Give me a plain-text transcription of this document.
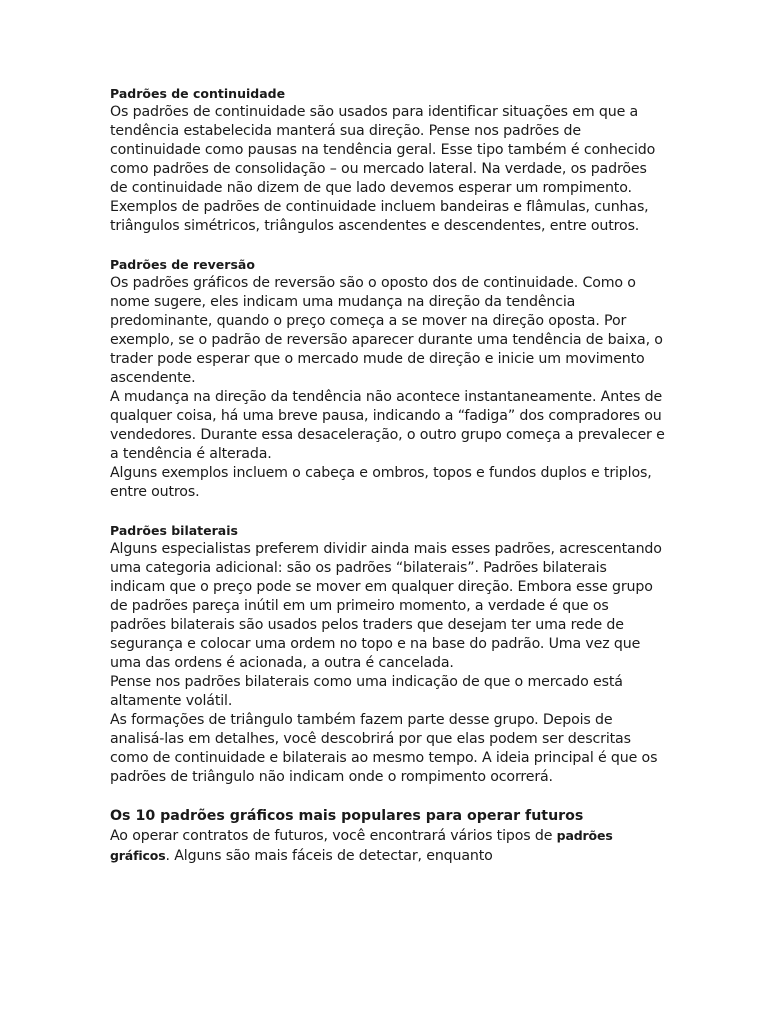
Padrões de continuidade

Os padrões de continuidade são usados para identificar situações em que a tendência estabelecida manterá sua direção. Pense nos padrões de continuidade como pausas na tendência geral. Esse tipo também é conhecido como padrões de consolidação – ou mercado lateral. Na verdade, os padrões de continuidade não dizem de que lado devemos esperar um rompimento.

Exemplos de padrões de continuidade incluem bandeiras e flâmulas, cunhas, triângulos simétricos, triângulos ascendentes e descendentes, entre outros.

Padrões de reversão

Os padrões gráficos de reversão são o oposto dos de continuidade. Como o nome sugere, eles indicam uma mudança na direção da tendência predominante, quando o preço começa a se mover na direção oposta. Por exemplo, se o padrão de reversão aparecer durante uma tendência de baixa, o trader pode esperar que o mercado mude de direção e inicie um movimento ascendente.

A mudança na direção da tendência não acontece instantaneamente. Antes de qualquer coisa, há uma breve pausa, indicando a “fadiga” dos compradores ou vendedores. Durante essa desaceleração, o outro grupo começa a prevalecer e a tendência é alterada.

Alguns exemplos incluem o cabeça e ombros, topos e fundos duplos e triplos, entre outros.

Padrões bilaterais

Alguns especialistas preferem dividir ainda mais esses padrões, acrescentando uma categoria adicional: são os padrões “bilaterais”. Padrões bilaterais indicam que o preço pode se mover em qualquer direção. Embora esse grupo de padrões pareça inútil em um primeiro momento, a verdade é que os padrões bilaterais são usados pelos traders que desejam ter uma rede de segurança e colocar uma ordem no topo e na base do padrão. Uma vez que uma das ordens é acionada, a outra é cancelada.

Pense nos padrões bilaterais como uma indicação de que o mercado está altamente volátil.

As formações de triângulo também fazem parte desse grupo. Depois de analisá-las em detalhes, você descobrirá por que elas podem ser descritas como de continuidade e bilaterais ao mesmo tempo. A ideia principal é que os padrões de triângulo não indicam onde o rompimento ocorrerá.

Os 10 padrões gráficos mais populares para operar futuros

Ao operar contratos de futuros, você encontrará vários tipos de padrões gráficos. Alguns são mais fáceis de detectar, enquanto
